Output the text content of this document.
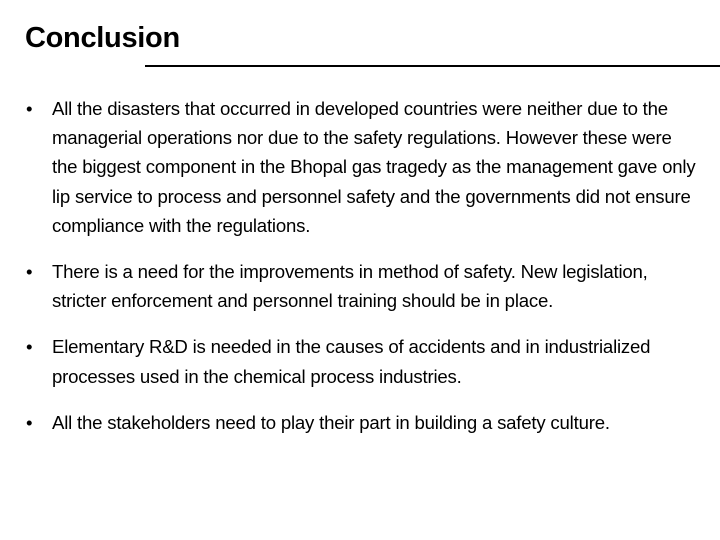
Conclusion
•	All the disasters that occurred in developed countries were neither due to the managerial operations nor due to the safety regulations. However these were the biggest component in the Bhopal gas tragedy as the management gave only lip service to process and personnel safety and the governments did not ensure compliance with the regulations.
•	There is a need for the improvements in method of safety. New legislation, stricter enforcement and personnel training should be in place.
•	Elementary R&D is needed in the causes of accidents and in industrialized processes used in the chemical process industries.
•	All the stakeholders need to play their part in building a safety culture.
